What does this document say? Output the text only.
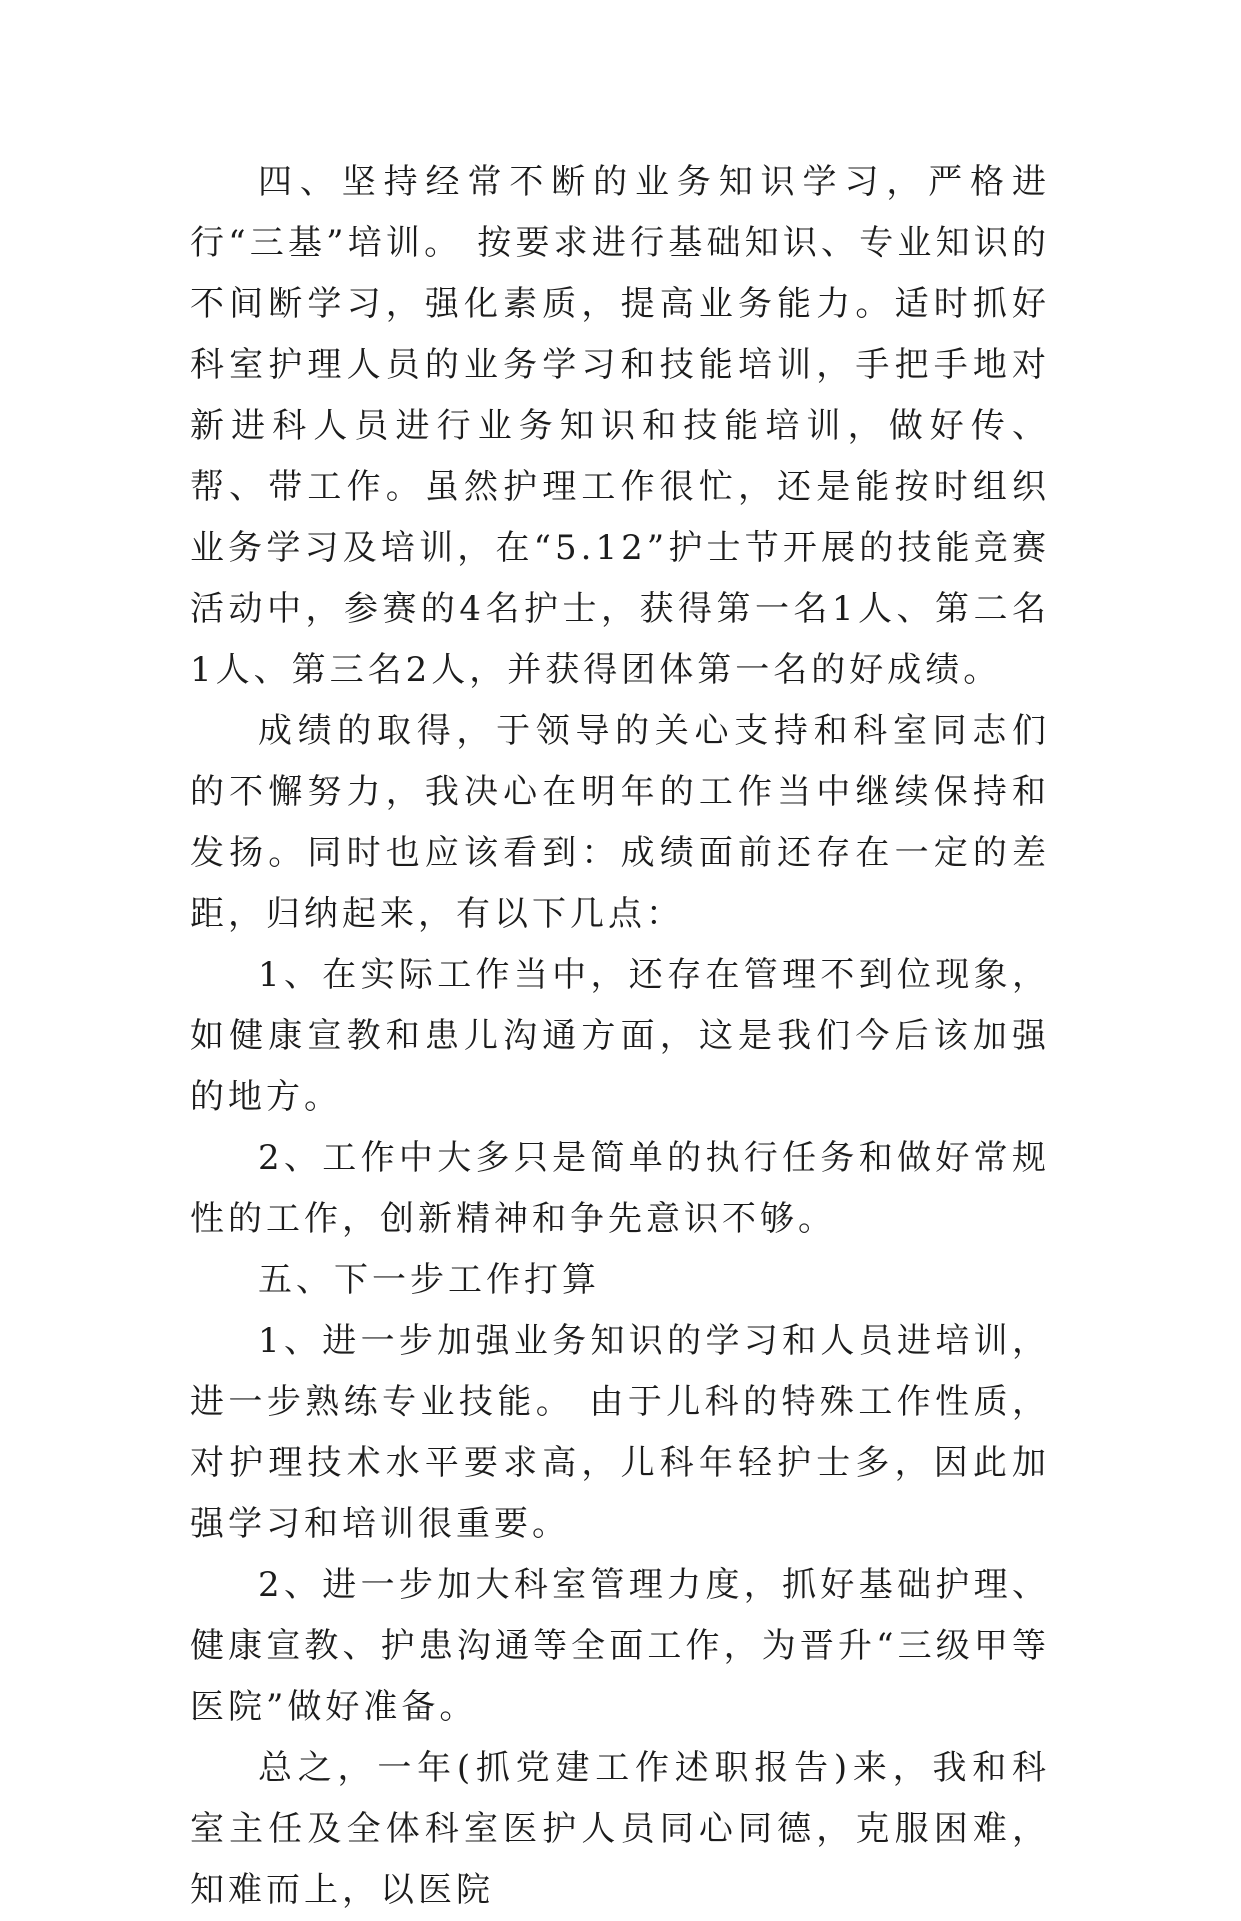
四、坚持经常不断的业务知识学习，严格进行“三基”培训。 按要求进行基础知识、专业知识的不间断学习，强化素质，提高业务能力。适时抓好科室护理人员的业务学习和技能培训，手把手地对新进科人员进行业务知识和技能培训，做好传、帮、带工作。虽然护理工作很忙，还是能按时组织业务学习及培训，在“5.12”护士节开展的技能竞赛活动中，参赛的4名护士，获得第一名1人、第二名1人、第三名2人，并获得团体第一名的好成绩。

成绩的取得，于领导的关心支持和科室同志们的不懈努力，我决心在明年的工作当中继续保持和发扬。同时也应该看到：成绩面前还存在一定的差距，归纳起来，有以下几点：

1、在实际工作当中，还存在管理不到位现象，如健康宣教和患儿沟通方面，这是我们今后该加强的地方。

2、工作中大多只是简单的执行任务和做好常规性的工作，创新精神和争先意识不够。

五、下一步工作打算

1、进一步加强业务知识的学习和人员进培训，进一步熟练专业技能。 由于儿科的特殊工作性质，对护理技术水平要求高，儿科年轻护士多，因此加强学习和培训很重要。

2、进一步加大科室管理力度，抓好基础护理、健康宣教、护患沟通等全面工作，为晋升“三级甲等医院”做好准备。

总之，一年(抓党建工作述职报告)来，我和科室主任及全体科室医护人员同心同德，克服困难，知难而上，以医院
